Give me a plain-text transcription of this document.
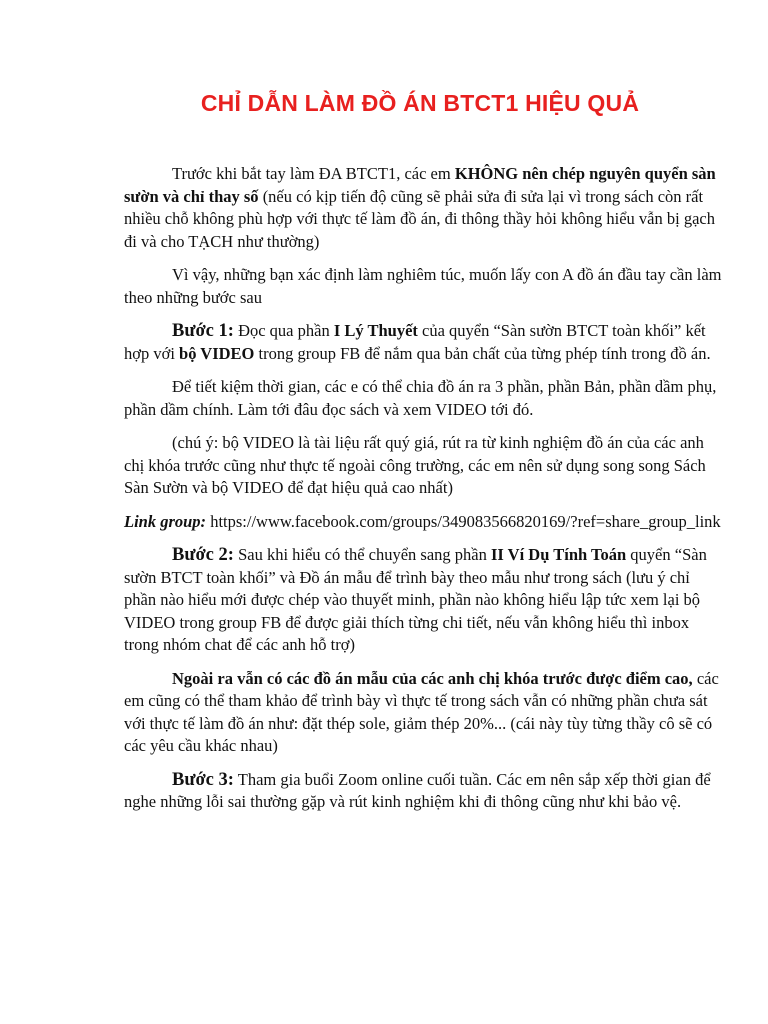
CHỈ DẪN LÀM ĐỒ ÁN BTCT1 HIỆU QUẢ

Trước khi bắt tay làm ĐA BTCT1, các em KHÔNG nên chép nguyên quyển sàn sườn và chỉ thay số (nếu có kịp tiến độ cũng sẽ phải sửa đi sửa lại vì trong sách còn rất nhiều chỗ không phù hợp với thực tế làm đồ án, đi thông thầy hỏi không hiểu vẫn bị gạch đi và cho TẠCH như thường)

Vì vậy, những bạn xác định làm nghiêm túc, muốn lấy con A đồ án đầu tay cần làm theo những bước sau

Bước 1: Đọc qua phần I Lý Thuyết của quyển “Sàn sườn BTCT toàn khối” kết hợp với bộ VIDEO trong group FB để nắm qua bản chất của từng phép tính trong đồ án.

Để tiết kiệm thời gian, các e có thể chia đồ án ra 3 phần, phần Bản, phần dầm phụ, phần dầm chính. Làm tới đâu đọc sách và xem VIDEO tới đó.

(chú ý: bộ VIDEO là tài liệu rất quý giá, rút ra từ kinh nghiệm đồ án của các anh chị khóa trước cũng như thực tế ngoài công trường, các em nên sử dụng song song Sách Sàn Sườn và bộ VIDEO để đạt hiệu quả cao nhất)

Link group: https://www.facebook.com/groups/349083566820169/?ref=share_group_link

Bước 2: Sau khi hiểu có thể chuyển sang phần II Ví Dụ Tính Toán quyển “Sàn sườn BTCT toàn khối” và Đồ án mẫu để trình bày theo mẫu như trong sách (lưu ý chỉ phần nào hiểu mới được chép vào thuyết minh, phần nào không hiểu lập tức xem lại bộ VIDEO trong group FB để được giải thích từng chi tiết, nếu vẫn không hiểu thì inbox trong nhóm chat để các anh hỗ trợ)

Ngoài ra vẫn có các đồ án mẫu của các anh chị khóa trước được điểm cao, các em cũng có thể tham khảo để trình bày vì thực tế trong sách vẫn có những phần chưa sát với thực tế làm đồ án như: đặt thép sole, giảm thép 20%... (cái này tùy từng thầy cô sẽ có các yêu cầu khác nhau)

Bước 3: Tham gia buổi Zoom online cuối tuần. Các em nên sắp xếp thời gian để nghe những lỗi sai thường gặp và rút kinh nghiệm khi đi thông cũng như khi bảo vệ.
